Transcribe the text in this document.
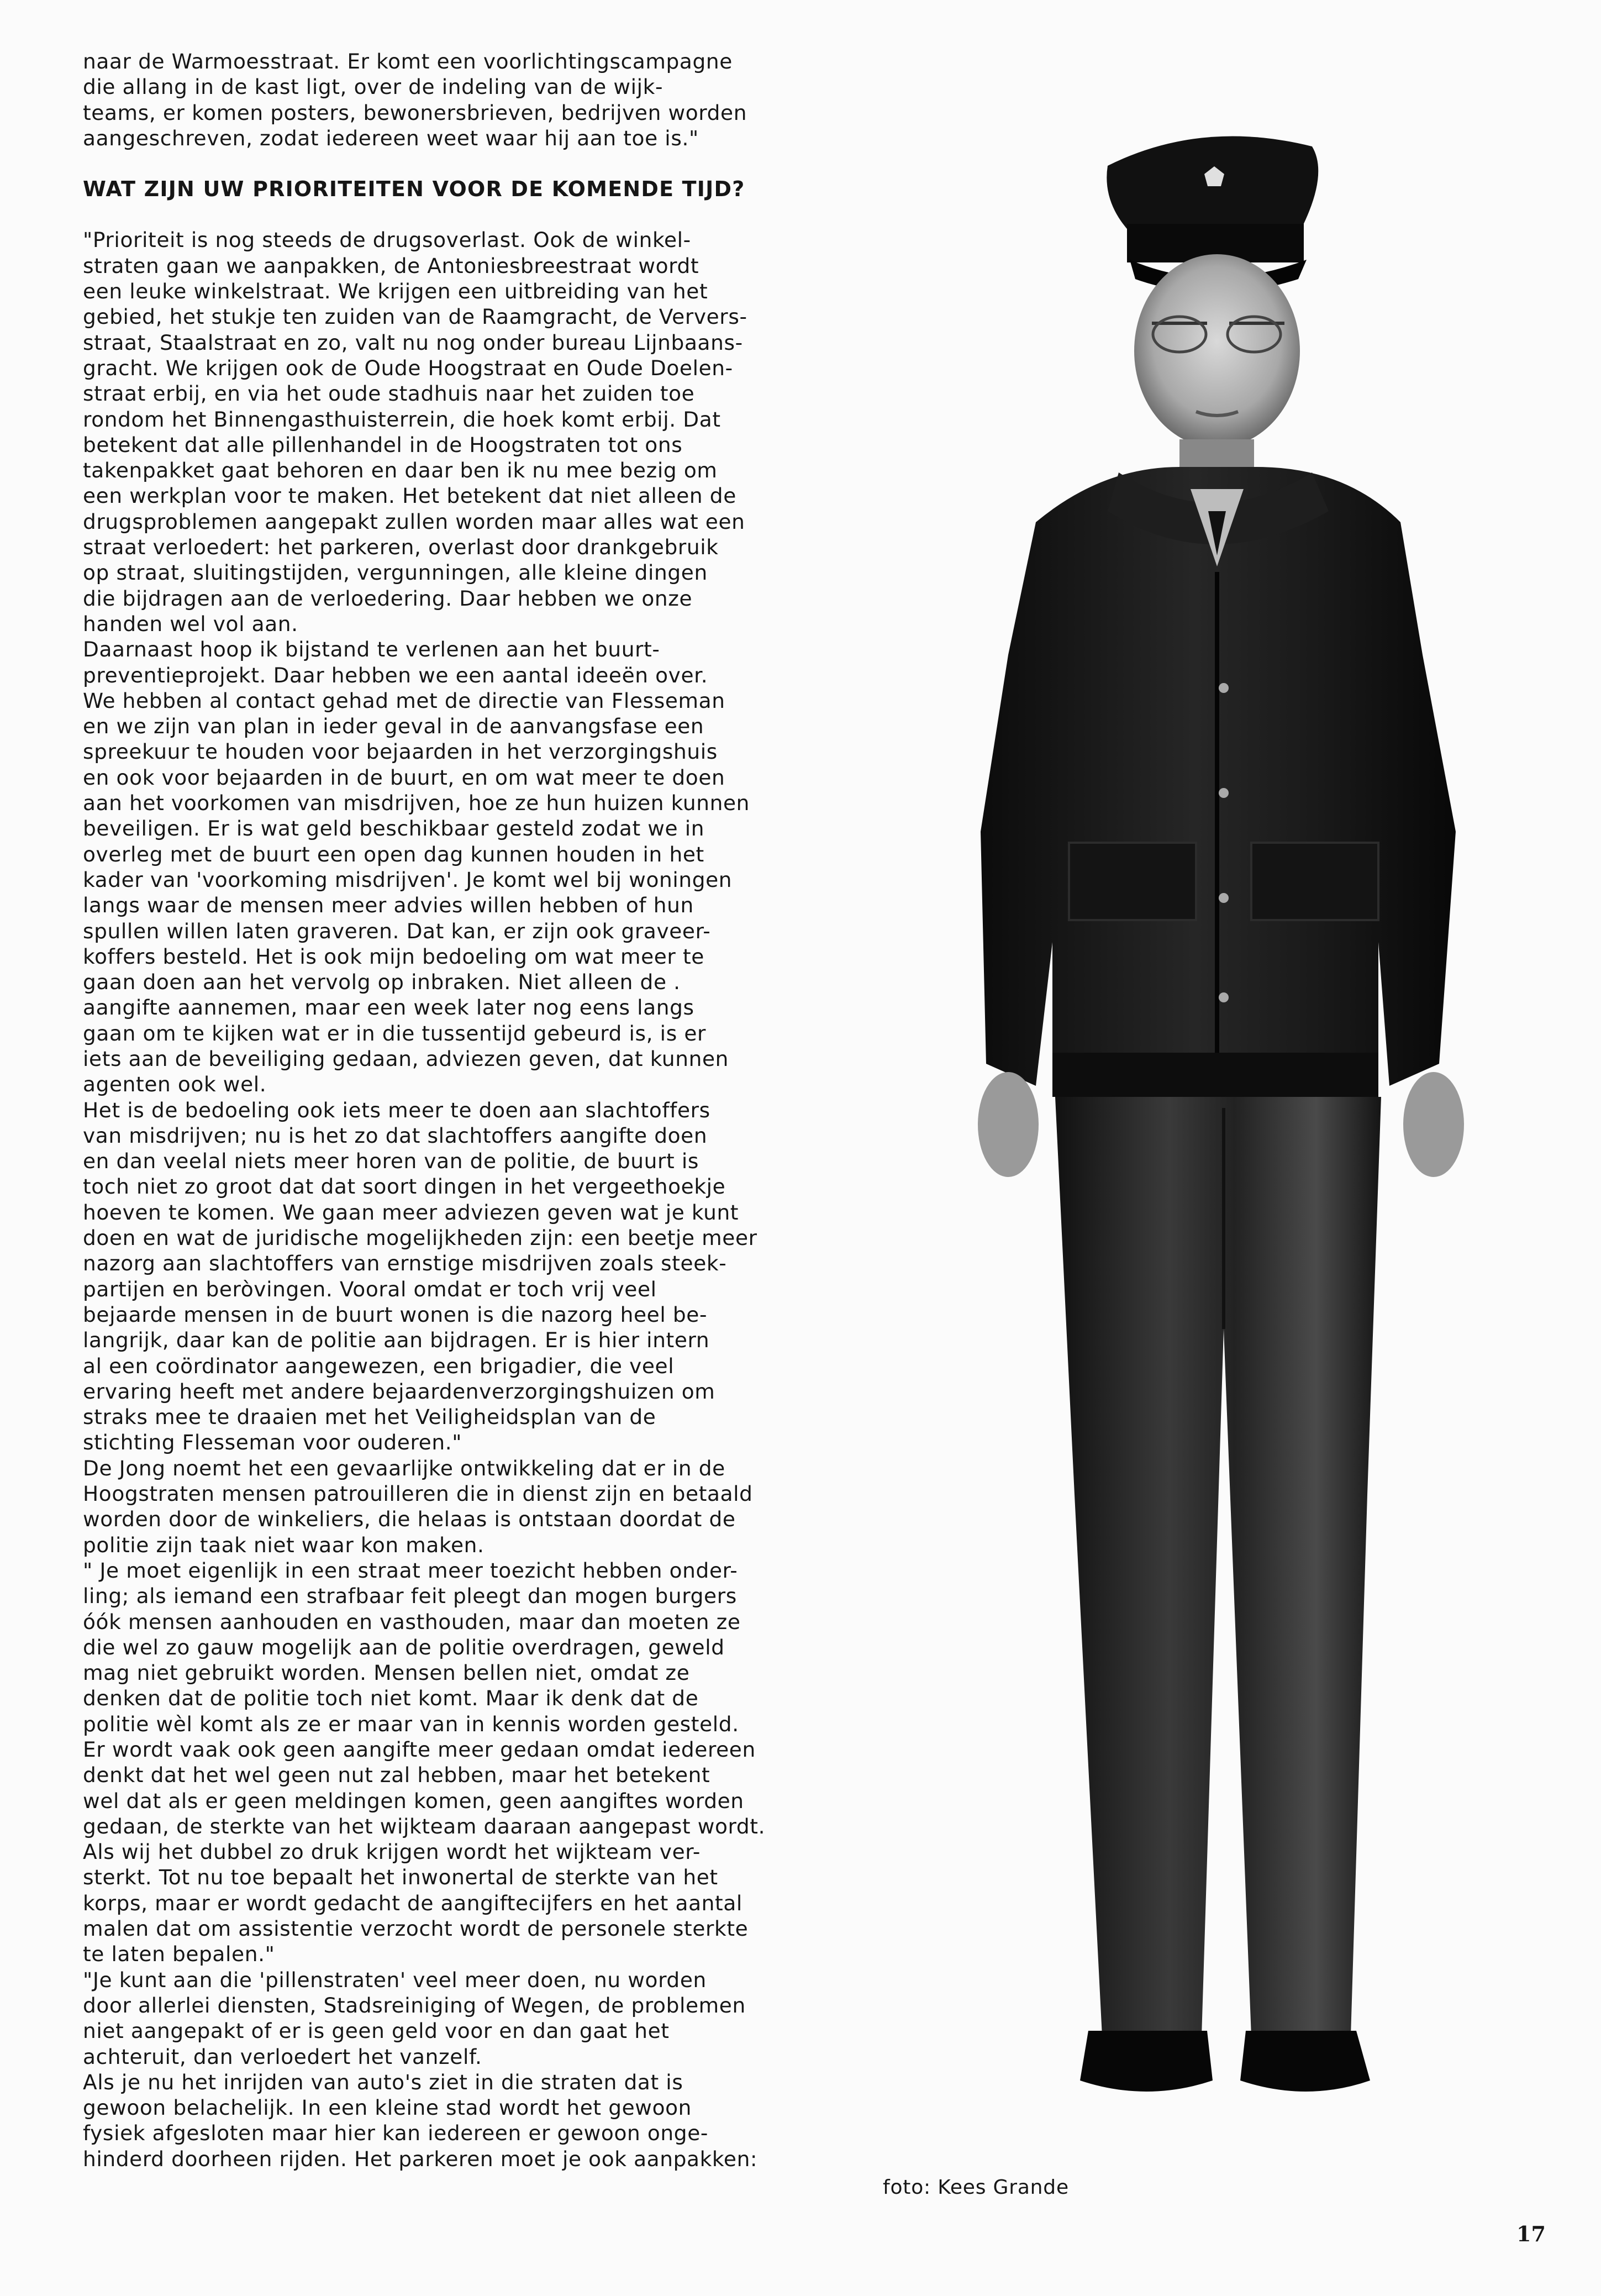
naar de Warmoesstraat. Er komt een voorlichtingscampagne
die allang in de kast ligt, over de indeling van de wijk-
teams, er komen posters, bewonersbrieven, bedrijven worden
aangeschreven, zodat iedereen weet waar hij aan toe is."
WAT ZIJN UW PRIORITEITEN VOOR DE KOMENDE TIJD?
"Prioriteit is nog steeds de drugsoverlast. Ook de winkel-
straten gaan we aanpakken, de Antoniesbreestraat wordt
een leuke winkelstraat. We krijgen een uitbreiding van het
gebied, het stukje ten zuiden van de Raamgracht, de Ververs-
straat, Staalstraat en zo, valt nu nog onder bureau Lijnbaans-
gracht. We krijgen ook de Oude Hoogstraat en Oude Doelen-
straat erbij, en via het oude stadhuis naar het zuiden toe
rondom het Binnengasthuisterrein, die hoek komt erbij. Dat
betekent dat alle pillenhandel in de Hoogstraten tot ons
takenpakket gaat behoren en daar ben ik nu mee bezig om
een werkplan voor te maken. Het betekent dat niet alleen de
drugsproblemen aangepakt zullen worden maar alles wat een
straat verloedert: het parkeren, overlast door drankgebruik
op straat, sluitingstijden, vergunningen, alle kleine dingen
die bijdragen aan de verloedering. Daar hebben we onze
handen wel vol aan.
Daarnaast hoop ik bijstand te verlenen aan het buurt-
preventieprojekt. Daar hebben we een aantal ideeën over.
We hebben al contact gehad met de directie van Flesseman
en we zijn van plan in ieder geval in de aanvangsfase een
spreekuur te houden voor bejaarden in het verzorgingshuis
en ook voor bejaarden in de buurt, en om wat meer te doen
aan het voorkomen van misdrijven, hoe ze hun huizen kunnen
beveiligen. Er is wat geld beschikbaar gesteld zodat we in
overleg met de buurt een open dag kunnen houden in het
kader van 'voorkoming misdrijven'. Je komt wel bij woningen
langs waar de mensen meer advies willen hebben of hun
spullen willen laten graveren. Dat kan, er zijn ook graveer-
koffers besteld. Het is ook mijn bedoeling om wat meer te
gaan doen aan het vervolg op inbraken. Niet alleen de .
aangifte aannemen, maar een week later nog eens langs
gaan om te kijken wat er in die tussentijd gebeurd is, is er
iets aan de beveiliging gedaan, adviezen geven, dat kunnen
agenten ook wel.
Het is de bedoeling ook iets meer te doen aan slachtoffers
van misdrijven; nu is het zo dat slachtoffers aangifte doen
en dan veelal niets meer horen van de politie, de buurt is
toch niet zo groot dat dat soort dingen in het vergeethoekje
hoeven te komen. We gaan meer adviezen geven wat je kunt
doen en wat de juridische mogelijkheden zijn: een beetje meer
nazorg aan slachtoffers van ernstige misdrijven zoals steek-
partijen en beròvingen. Vooral omdat er toch vrij veel
bejaarde mensen in de buurt wonen is die nazorg heel be-
langrijk, daar kan de politie aan bijdragen. Er is hier intern
al een coördinator aangewezen, een brigadier, die veel
ervaring heeft met andere bejaardenverzorgingshuizen om
straks mee te draaien met het Veiligheidsplan van de
stichting Flesseman voor ouderen."
De Jong noemt het een gevaarlijke ontwikkeling dat er in de
Hoogstraten mensen patrouilleren die in dienst zijn en betaald
worden door de winkeliers, die helaas is ontstaan doordat de
politie zijn taak niet waar kon maken.
" Je moet eigenlijk in een straat meer toezicht hebben onder-
ling; als iemand een strafbaar feit pleegt dan mogen burgers
óók mensen aanhouden en vasthouden, maar dan moeten ze
die wel zo gauw mogelijk aan de politie overdragen, geweld
mag niet gebruikt worden. Mensen bellen niet, omdat ze
denken dat de politie toch niet komt. Maar ik denk dat de
politie wèl komt als ze er maar van in kennis worden gesteld.
Er wordt vaak ook geen aangifte meer gedaan omdat iedereen
denkt dat het wel geen nut zal hebben, maar het betekent
wel dat als er geen meldingen komen, geen aangiftes worden
gedaan, de sterkte van het wijkteam daaraan aangepast wordt.
Als wij het dubbel zo druk krijgen wordt het wijkteam ver-
sterkt. Tot nu toe bepaalt het inwonertal de sterkte van het
korps, maar er wordt gedacht de aangiftecijfers en het aantal
malen dat om assistentie verzocht wordt de personele sterkte
te laten bepalen."
"Je kunt aan die 'pillenstraten' veel meer doen, nu worden
door allerlei diensten, Stadsreiniging of Wegen, de problemen
niet aangepakt of er is geen geld voor en dan gaat het
achteruit, dan verloedert het vanzelf.
Als je nu het inrijden van auto's ziet in die straten dat is
gewoon belachelijk. In een kleine stad wordt het gewoon
fysiek afgesloten maar hier kan iedereen er gewoon onge-
hinderd doorheen rijden. Het parkeren moet je ook aanpakken:
foto: Kees Grande
17
